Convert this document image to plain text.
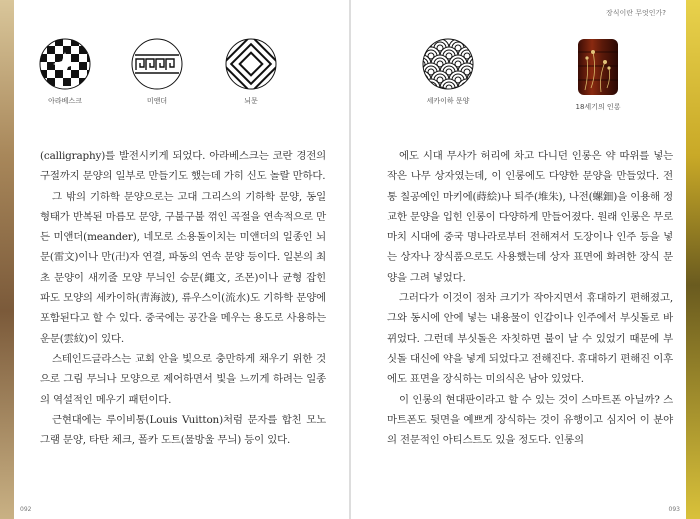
아라베스크	미앤더	뇌문

(calligraphy)를 발전시키게 되었다. 아라베스크는 코란 경전의 구절까지 문양의 일부로 만들기도 했는데 가히 신도 놀랄 만하다.

그 밖의 기하학 문양으로는 고대 그리스의 기하학 문양, 동일 형태가 반복된 마름모 문양, 구불구불 꺾인 곡절을 연속적으로 만든 미앤더(meander), 네모로 소용돌이치는 미앤더의 일종인 뇌문(雷文)이나 만(卍)자 연결, 파동의 연속 문양 등이다. 일본의 최초 문양이 새끼줄 모양 무늬인 승문(繩文, 조몬)이나 균형 잡힌 파도 모양의 세카이하(靑海波), 류우스이(流水)도 기하학 문양에 포함된다고 할 수 있다. 중국에는 공간을 메우는 용도로 사용하는 운문(雲紋)이 있다.

스테인드글라스는 교회 안을 빛으로 충만하게 채우기 위한 것으로 그림 무늬나 모양으로 제어하면서 빛을 느끼게 하려는 일종의 역설적인 메우기 패턴이다.

근현대에는 루이비통(Louis Vuitton)처럼 문자를 합친 모노그램 문양, 타탄 체크, 폴카 도트(물방울 무늬) 등이 있다.

092
장식이란 무엇인가?
세카이하 문양
18세기의 인롱

에도 시대 무사가 허리에 차고 다니던 인롱은 약 따위를 넣는 작은 나무 상자였는데, 이 인롱에도 다양한 문양을 만들었다. 전통 칠공예인 마키에(蒔絵)나 퇴주(堆朱), 나전(螺鈿)을 이용해 정교한 문양을 입힌 인롱이 다양하게 만들어졌다. 원래 인롱은 무로마치 시대에 중국 명나라로부터 전해져서 도장이나 인주 등을 넣는 상자나 장식품으로도 사용했는데 상자 표면에 화려한 장식 문양을 그려 넣었다.

그러다가 이것이 점차 크기가 작아지면서 휴대하기 편해졌고, 그와 동시에 안에 넣는 내용물이 인갑이나 인주에서 부싯돌로 바뀌었다. 그런데 부싯돌은 자칫하면 불이 날 수 있었기 때문에 부싯돌 대신에 약을 넣게 되었다고 전해진다. 휴대하기 편해진 이후에도 표면을 장식하는 미의식은 남아 있었다.

이 인롱의 현대판이라고 할 수 있는 것이 스마트폰 아닐까? 스마트폰도 뒷면을 예쁘게 장식하는 것이 유행이고 심지어 이 분야의 전문적인 아티스트도 있을 정도다. 인롱의

093
